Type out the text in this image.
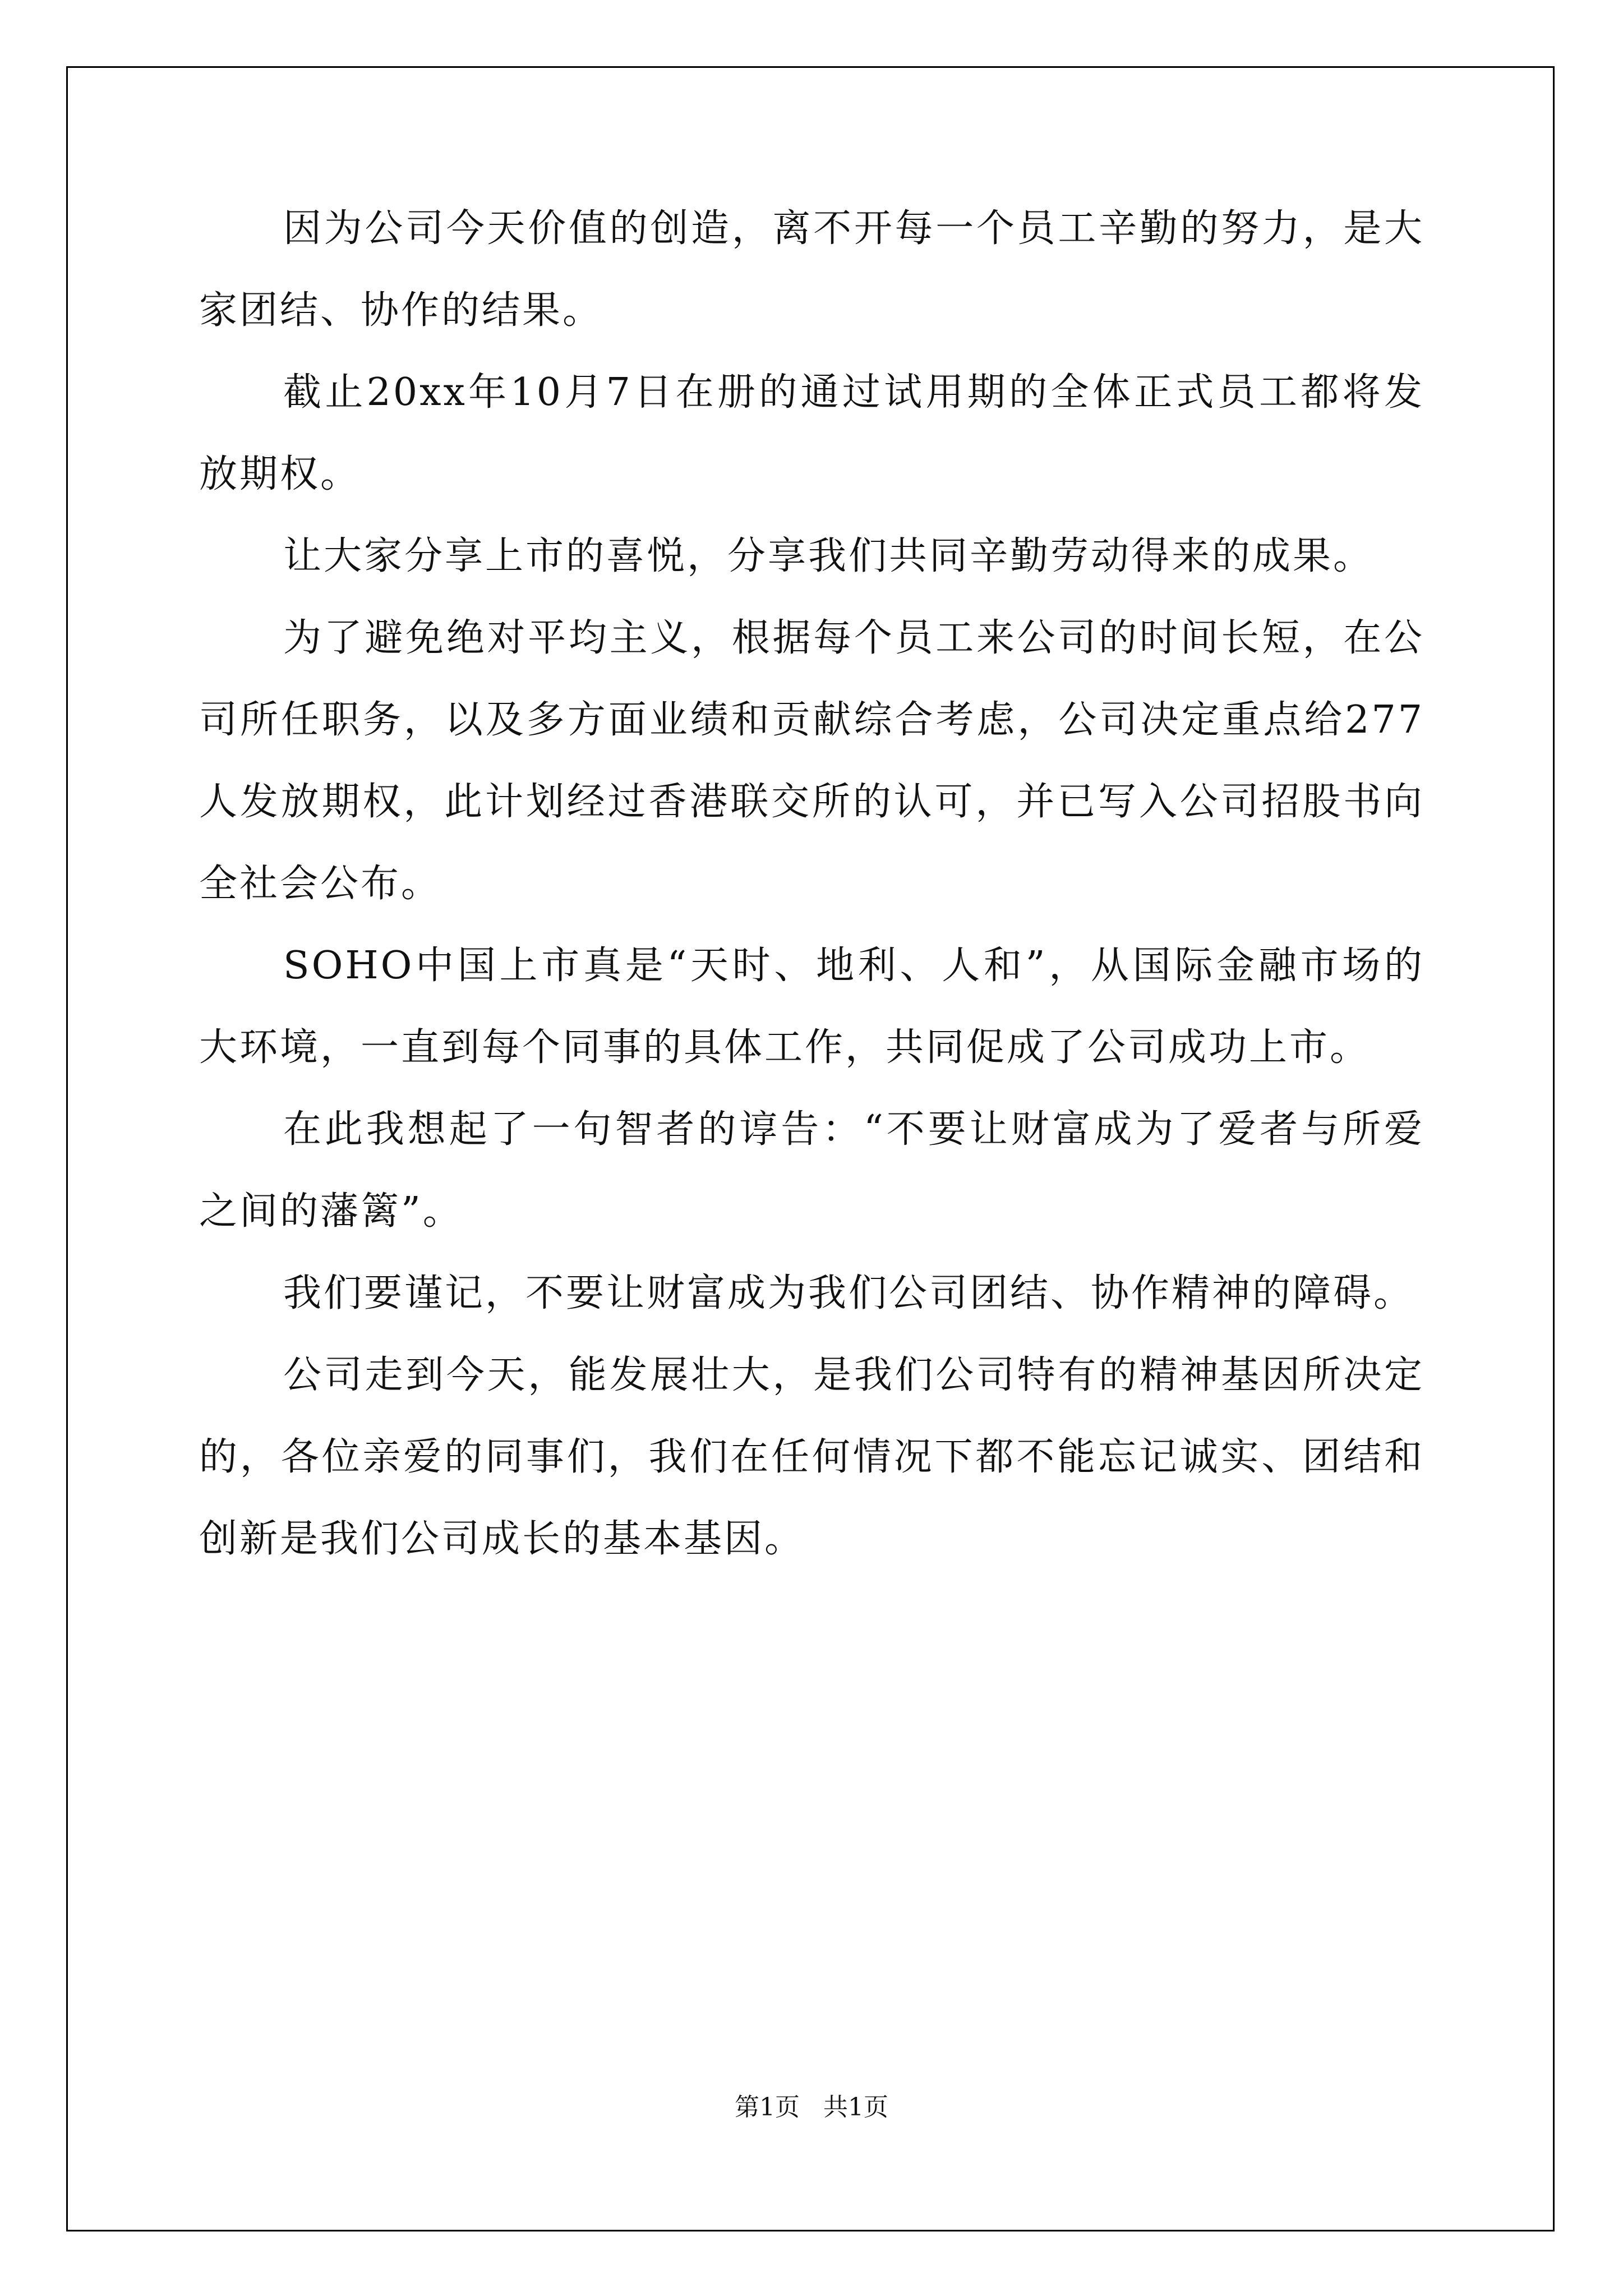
因为公司今天价值的创造，离不开每一个员工辛勤的努力，是大家团结、协作的结果。

截止20xx年10月7日在册的通过试用期的全体正式员工都将发放期权。

让大家分享上市的喜悦，分享我们共同辛勤劳动得来的成果。

为了避免绝对平均主义，根据每个员工来公司的时间长短，在公司所任职务，以及多方面业绩和贡献综合考虑，公司决定重点给277人发放期权，此计划经过香港联交所的认可，并已写入公司招股书向全社会公布。

SOHO中国上市真是“天时、地利、人和”，从国际金融市场的大环境，一直到每个同事的具体工作，共同促成了公司成功上市。

在此我想起了一句智者的谆告：“不要让财富成为了爱者与所爱之间的藩篱”。

我们要谨记，不要让财富成为我们公司团结、协作精神的障碍。

公司走到今天，能发展壮大，是我们公司特有的精神基因所决定的，各位亲爱的同事们，我们在任何情况下都不能忘记诚实、团结和创新是我们公司成长的基本基因。

第1页   共1页
